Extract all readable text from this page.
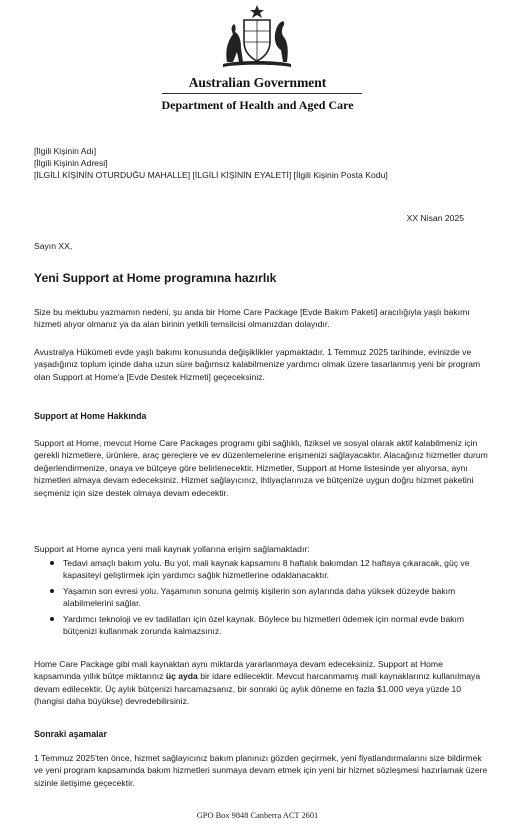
Australian Government
Department of Health and Aged Care
[İlgili Kişinin Adı]
[İlgili Kişinin Adresi]
[İLGİLİ KİŞİNİN OTURDUĞU MAHALLE] [İLGİLİ KİŞİNİN EYALETİ] [İlgili Kişinin Posta Kodu]
XX Nisan 2025
Sayın XX,
Yeni Support at Home programına hazırlık

Size bu mektubu yazmamın nedeni, şu anda bir Home Care Package [Evde Bakım Paketi] aracılığıyla yaşlı bakımı hizmeti alıyor olmanız ya da alan birinin yetkili temsilcisi olmanızdan dolayıdır.

Avustralya Hükümeti evde yaşlı bakımı konusunda değişiklikler yapmaktadır. 1 Temmuz 2025 tarihinde, evinizde ve yaşadığınız toplum içinde daha uzun süre bağımsız kalabilmenize yardımcı olmak üzere tasarlanmış yeni bir program olan Support at Home'a [Evde Destek Hizmeti] geçeceksiniz.

Support at Home Hakkında

Support at Home, mevcut Home Care Packages programı gibi sağlıklı, fiziksel ve sosyal olarak aktif kalabilmeniz için gerekli hizmetlere, ürünlere, araç gereçlere ve ev düzenlemelerine erişmenizi sağlayacaktır. Alacağınız hizmetler durum değerlendirmenize, onaya ve bütçeye göre belirlenecektir. Hizmetler, Support at Home listesinde yer alıyorsa, aynı hizmetleri almaya devam edeceksiniz. Hizmet sağlayıcınız, ihtiyaçlarınıza ve bütçenize uygun doğru hizmet paketini seçmeniz için size destek olmaya devam edecektir.

Support at Home ayrıca yeni mali kaynak yollarına erişim sağlamaktadır:

Tedavi amaçlı bakım yolu. Bu yol, mali kaynak kapsamını 8 haftalık bakımdan 12 haftaya çıkaracak, güç ve kapasiteyi geliştirmek için yardımcı sağlık hizmetlerine odaklanacaktır.
Yaşamın son evresi yolu. Yaşamının sonuna gelmiş kişilerin son aylarında daha yüksek düzeyde bakım alabilmelerini sağlar.
Yardımcı teknoloji ve ev tadilatları için özel kaynak. Böylece bu hizmetleri ödemek için normal evde bakım bütçenizi kullanmak zorunda kalmazsınız.

Home Care Package gibi mali kaynaktan aynı miktarda yararlanmaya devam edeceksiniz. Support at Home kapsamında yıllık bütçe miktarınız üç ayda bir idare edilecektir. Mevcut harcanmamış mali kaynaklarınız kullanılmaya devam edilecektir. Üç aylık bütçenizi harcamazsanız, bir sonraki üç aylık döneme en fazla $1.000 veya yüzde 10 (hangisi daha büyükse) devredebilirsiniz.

Sonraki aşamalar

1 Temmuz 2025'ten önce, hizmet sağlayıcınız bakım planınızı gözden geçirmek, yeni fiyatlandırmalarını size bildirmek ve yeni program kapsamında bakım hizmetleri sunmaya devam etmek için yeni bir hizmet sözleşmesi hazırlamak üzere sizinle iletişime geçecektir.

GPO Box 9848 Canberra ACT 2601
